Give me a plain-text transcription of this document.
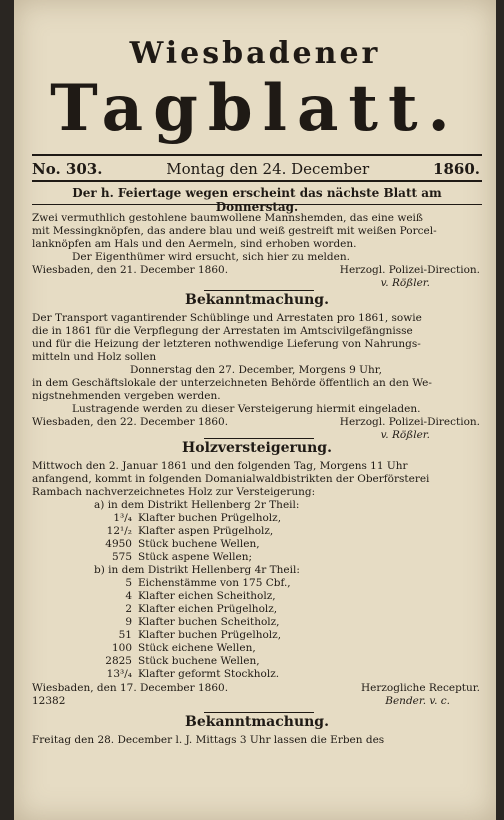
Wiesbadener
Tagblatt.
No. 303.	Montag den 24. December	1860.
Der h. Feiertage wegen erscheint das nächste Blatt am Donnerstag.

Zwei vermuthlich gestohlene baumwollene Mannshemden, das eine weiß

mit Messingknöpfen, das andere blau und weiß gestreift mit weißen Porcel-

lanknöpfen am Hals und den Aermeln, sind erhoben worden.

Der Eigenthümer wird ersucht, sich hier zu melden.

Wiesbaden, den 21. December 1860.	Herzogl. Polizei-Direction.
v. Rößler.
Bekanntmachung.

Der Transport vagantirender Schüblinge und Arrestaten pro 1861, sowie

die in 1861 für die Verpflegung der Arrestaten im Amtscivilgefängnisse

und für die Heizung der letzteren nothwendige Lieferung von Nahrungs-

mitteln und Holz sollen

Donnerstag den 27. December, Morgens 9 Uhr,

in dem Geschäftslokale der unterzeichneten Behörde öffentlich an den We-

nigstnehmenden vergeben werden.

Lustragende werden zu dieser Versteigerung hiermit eingeladen.

Wiesbaden, den 22. December 1860.	Herzogl. Polizei-Direction.
v. Rößler.
Holzversteigerung.

Mittwoch den 2. Januar 1861 und den folgenden Tag, Morgens 11 Uhr

anfangend, kommt in folgenden Domanialwaldbistrikten der Oberförsterei

Rambach nachverzeichnetes Holz zur Versteigerung:

a) in dem Distrikt Hellenberg 2r Theil:
1³/₄ Klafter buchen Prügelholz,
12¹/₂ Klafter aspen Prügelholz,
4950 Stück buchene Wellen,
575 Stück aspene Wellen;
b) in dem Distrikt Hellenberg 4r Theil:
5 Eichenstämme von 175 Cbf.,
4 Klafter eichen Scheitholz,
2 Klafter eichen Prügelholz,
9 Klafter buchen Scheitholz,
51 Klafter buchen Prügelholz,
100 Stück eichene Wellen,
2825 Stück buchene Wellen,
13³/₄ Klafter geformt Stockholz.
Wiesbaden, den 17. December 1860.	Herzogliche Receptur.
12382	Bender. v. c.
Bekanntmachung.

Freitag den 28. December l. J. Mittags 3 Uhr lassen die Erben des
